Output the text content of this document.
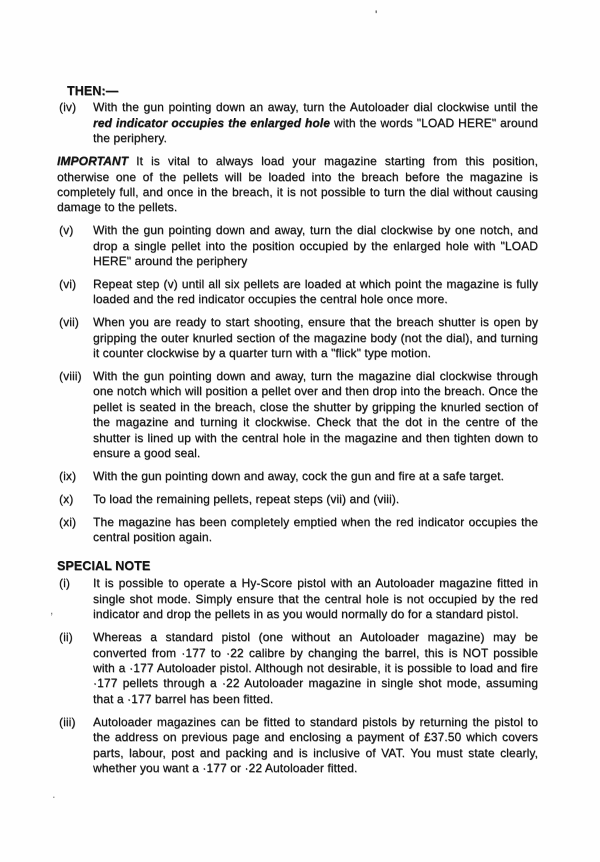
'
.
,
THEN:—
(iv)	With the gun pointing down an away, turn the Autoloader dial clockwise until the red indicator occupies the enlarged hole with the words "LOAD HERE" around the periphery.

IMPORTANT It is vital to always load your magazine starting from this position, otherwise one of the pellets will be loaded into the breach before the magazine is completely full, and once in the breach, it is not possible to turn the dial without causing damage to the pellets.

(v)	With the gun pointing down and away, turn the dial clockwise by one notch, and drop a single pellet into the position occupied by the enlarged hole with "LOAD HERE" around the periphery

(vi)	Repeat step (v) until all six pellets are loaded at which point the magazine is fully loaded and the red indicator occupies the central hole once more.

(vii)	When you are ready to start shooting, ensure that the breach shutter is open by gripping the outer knurled section of the magazine body (not the dial), and turning it counter clockwise by a quarter turn with a "flick" type motion.

(viii) With the gun pointing down and away, turn the magazine dial clockwise through one notch which will position a pellet over and then drop into the breach. Once the pellet is seated in the breach, close the shutter by gripping the knurled section of the magazine and turning it clockwise. Check that the dot in the centre of the shutter is lined up with the central hole in the magazine and then tighten down to ensure a good seal.

(ix)	With the gun pointing down and away, cock the gun and fire at a safe target.

(x)	To load the remaining pellets, repeat steps (vii) and (viii).

(xi)	The magazine has been completely emptied when the red indicator occupies the central position again.

SPECIAL NOTE
(i)	It is possible to operate a Hy-Score pistol with an Autoloader magazine fitted in single shot mode. Simply ensure that the central hole is not occupied by the red indicator and drop the pellets in as you would normally do for a standard pistol.

(ii)	Whereas a standard pistol (one without an Autoloader magazine) may be converted from ·177 to ·22 calibre by changing the barrel, this is NOT possible with a ·177 Autoloader pistol. Although not desirable, it is possible to load and fire ·177 pellets through a ·22 Autoloader magazine in single shot mode, assuming that a ·177 barrel has been fitted.

(iii)	Autoloader magazines can be fitted to standard pistols by returning the pistol to the address on previous page and enclosing a payment of £37.50 which covers parts, labour, post and packing and is inclusive of VAT. You must state clearly, whether you want a ·177 or ·22 Autoloader fitted.
